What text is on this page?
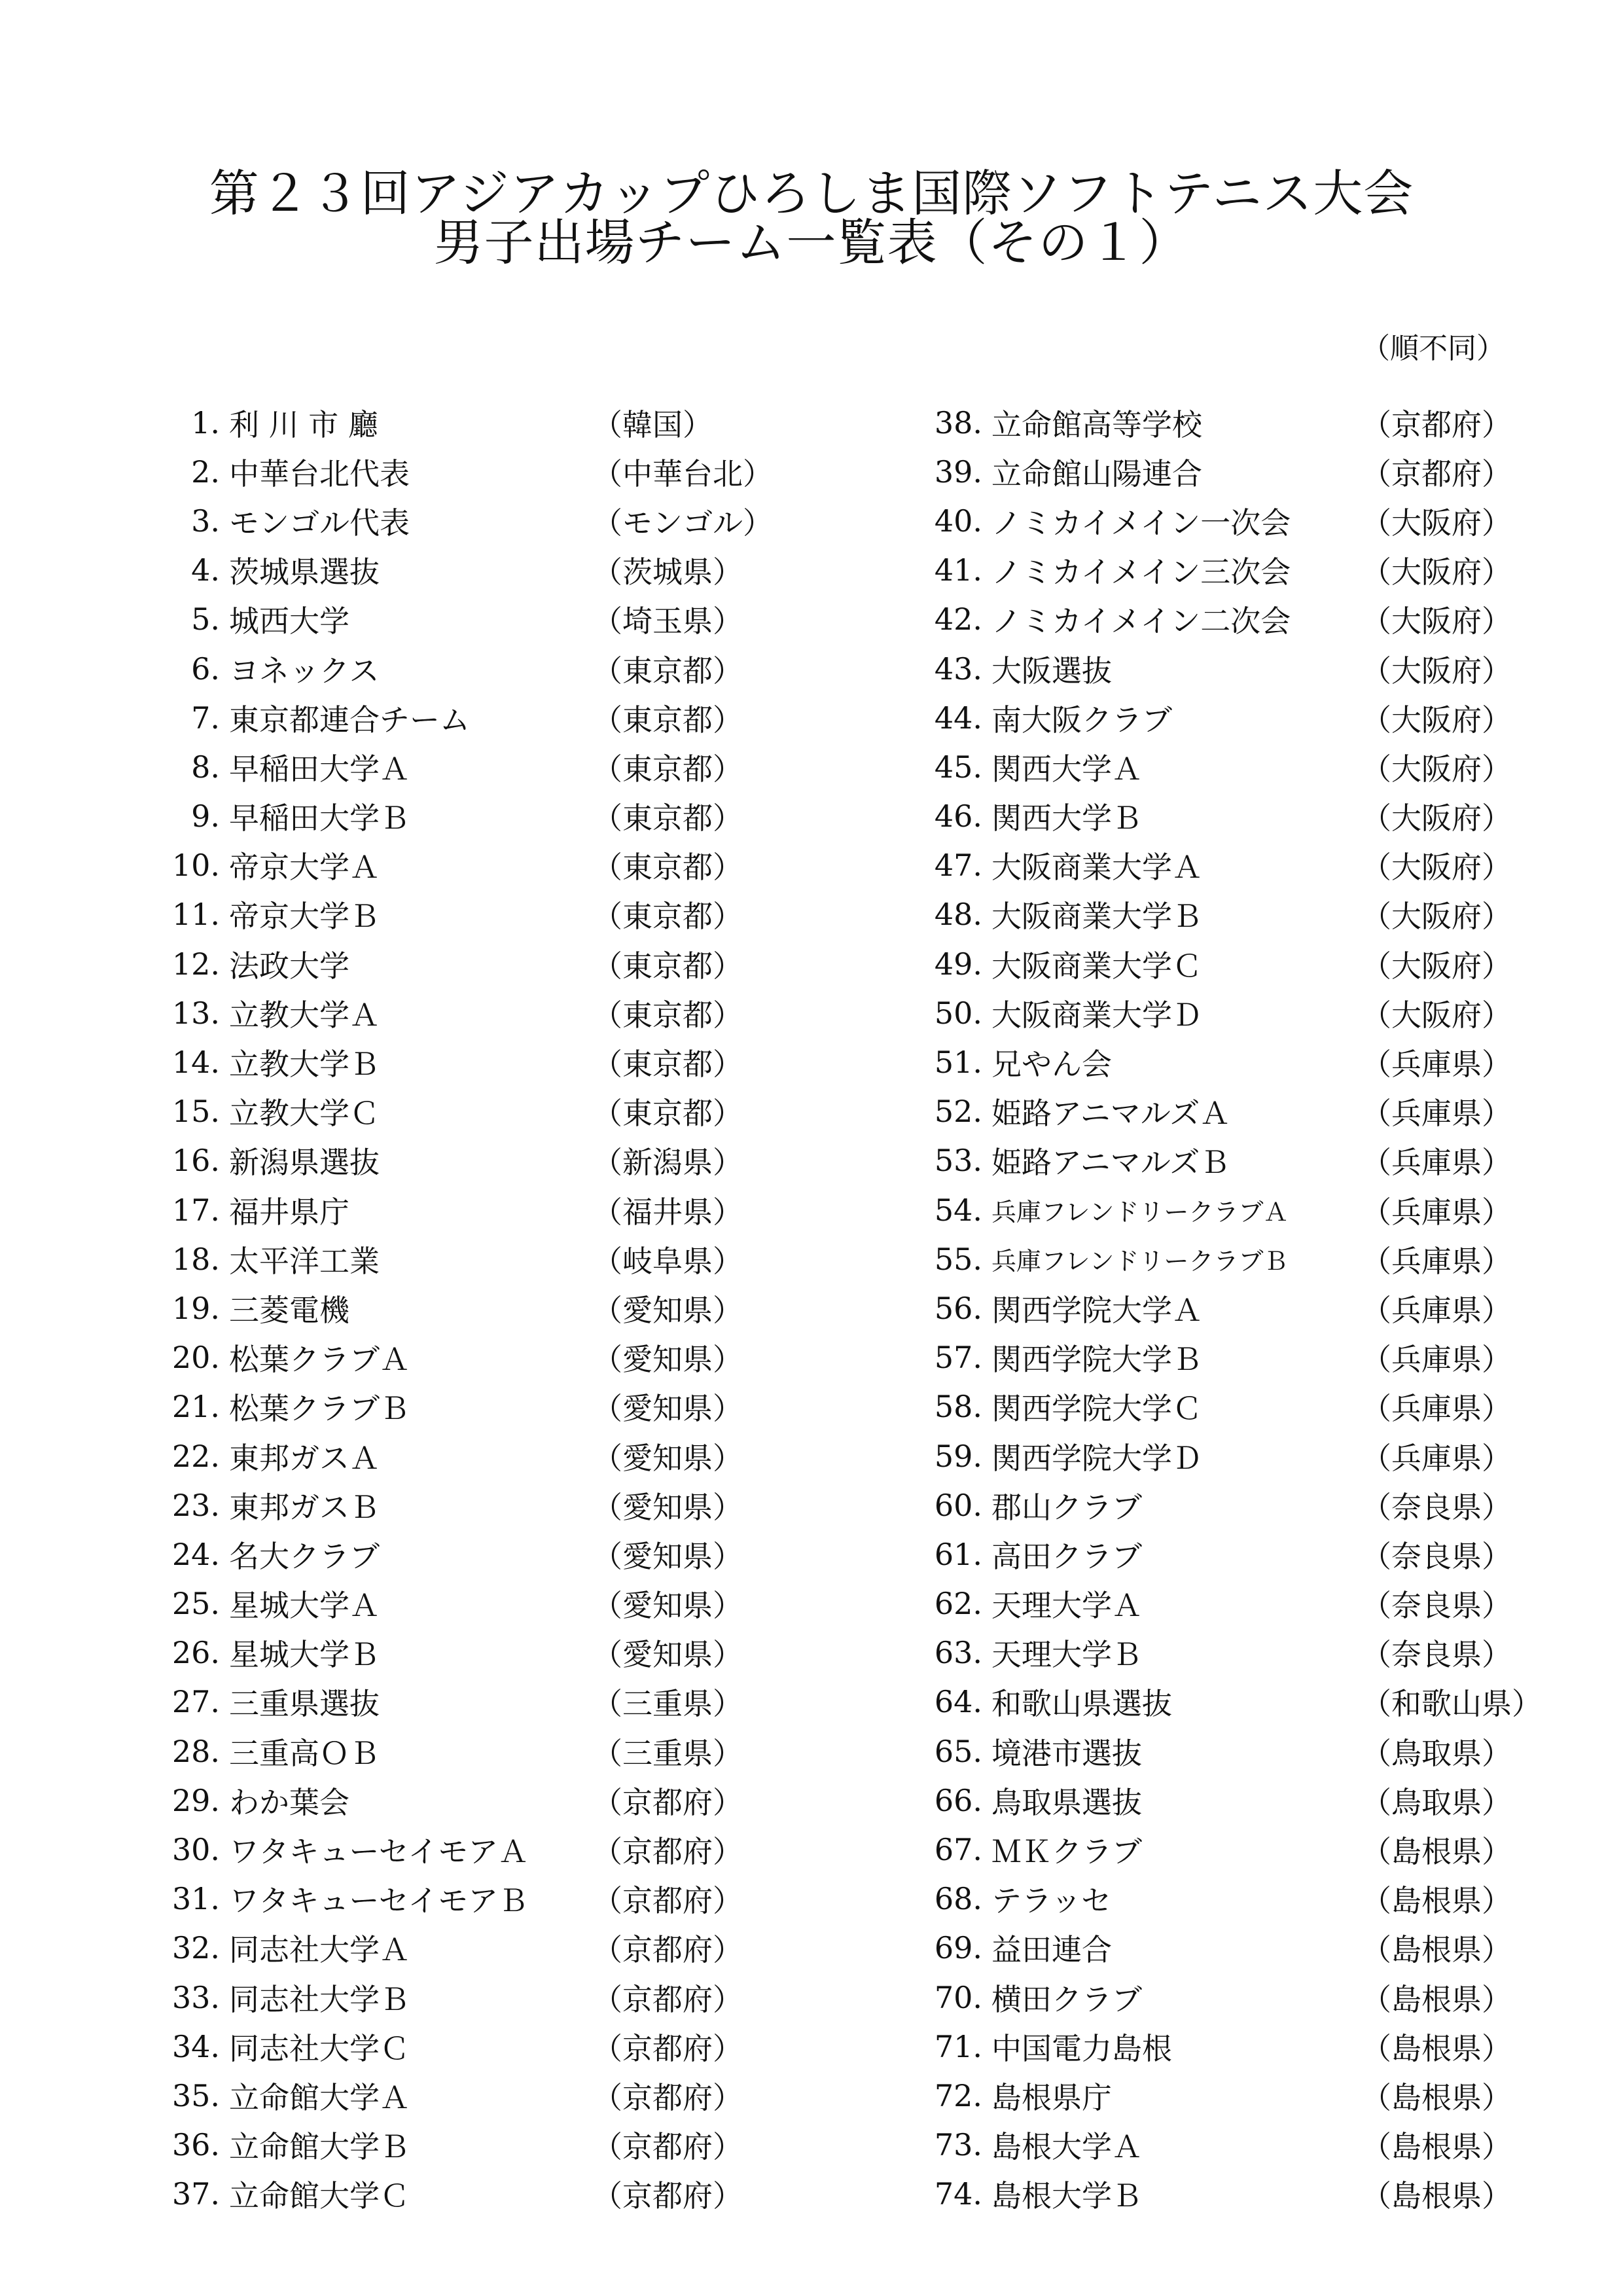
第２３回アジアカップひろしま国際ソフトテニス大会
男子出場チーム一覧表（その１）
（順不同）
1. 利 川 市 廳	（韓国）
2. 中華台北代表	（中華台北）
3. モンゴル代表	（モンゴル）
4. 茨城県選抜	（茨城県）
5. 城西大学	（埼玉県）
6. ヨネックス	（東京都）
7. 東京都連合チーム	（東京都）
8. 早稲田大学Ａ	（東京都）
9. 早稲田大学Ｂ	（東京都）
10. 帝京大学Ａ	（東京都）
11. 帝京大学Ｂ	（東京都）
12. 法政大学	（東京都）
13. 立教大学Ａ	（東京都）
14. 立教大学Ｂ	（東京都）
15. 立教大学Ｃ	（東京都）
16. 新潟県選抜	（新潟県）
17. 福井県庁	（福井県）
18. 太平洋工業	（岐阜県）
19. 三菱電機	（愛知県）
20. 松葉クラブＡ	（愛知県）
21. 松葉クラブＢ	（愛知県）
22. 東邦ガスＡ	（愛知県）
23. 東邦ガスＢ	（愛知県）
24. 名大クラブ	（愛知県）
25. 星城大学Ａ	（愛知県）
26. 星城大学Ｂ	（愛知県）
27. 三重県選抜	（三重県）
28. 三重高ＯＢ	（三重県）
29. わか葉会	（京都府）
30. ワタキューセイモアＡ	（京都府）
31. ワタキューセイモアＢ	（京都府）
32. 同志社大学Ａ	（京都府）
33. 同志社大学Ｂ	（京都府）
34. 同志社大学Ｃ	（京都府）
35. 立命館大学Ａ	（京都府）
36. 立命館大学Ｂ	（京都府）
37. 立命館大学Ｃ	（京都府）
38. 立命館高等学校	（京都府）
39. 立命館山陽連合	（京都府）
40. ノミカイメイン一次会	（大阪府）
41. ノミカイメイン三次会	（大阪府）
42. ノミカイメイン二次会	（大阪府）
43. 大阪選抜	（大阪府）
44. 南大阪クラブ	（大阪府）
45. 関西大学Ａ	（大阪府）
46. 関西大学Ｂ	（大阪府）
47. 大阪商業大学Ａ	（大阪府）
48. 大阪商業大学Ｂ	（大阪府）
49. 大阪商業大学Ｃ	（大阪府）
50. 大阪商業大学Ｄ	（大阪府）
51. 兄やん会	（兵庫県）
52. 姫路アニマルズＡ	（兵庫県）
53. 姫路アニマルズＢ	（兵庫県）
54. 兵庫フレンドリークラブＡ	（兵庫県）
55. 兵庫フレンドリークラブＢ	（兵庫県）
56. 関西学院大学Ａ	（兵庫県）
57. 関西学院大学Ｂ	（兵庫県）
58. 関西学院大学Ｃ	（兵庫県）
59. 関西学院大学Ｄ	（兵庫県）
60. 郡山クラブ	（奈良県）
61. 高田クラブ	（奈良県）
62. 天理大学Ａ	（奈良県）
63. 天理大学Ｂ	（奈良県）
64. 和歌山県選抜	（和歌山県）
65. 境港市選抜	（鳥取県）
66. 鳥取県選抜	（鳥取県）
67. ＭＫクラブ	（島根県）
68. テラッセ	（島根県）
69. 益田連合	（島根県）
70. 横田クラブ	（島根県）
71. 中国電力島根	（島根県）
72. 島根県庁	（島根県）
73. 島根大学Ａ	（島根県）
74. 島根大学Ｂ	（島根県）
